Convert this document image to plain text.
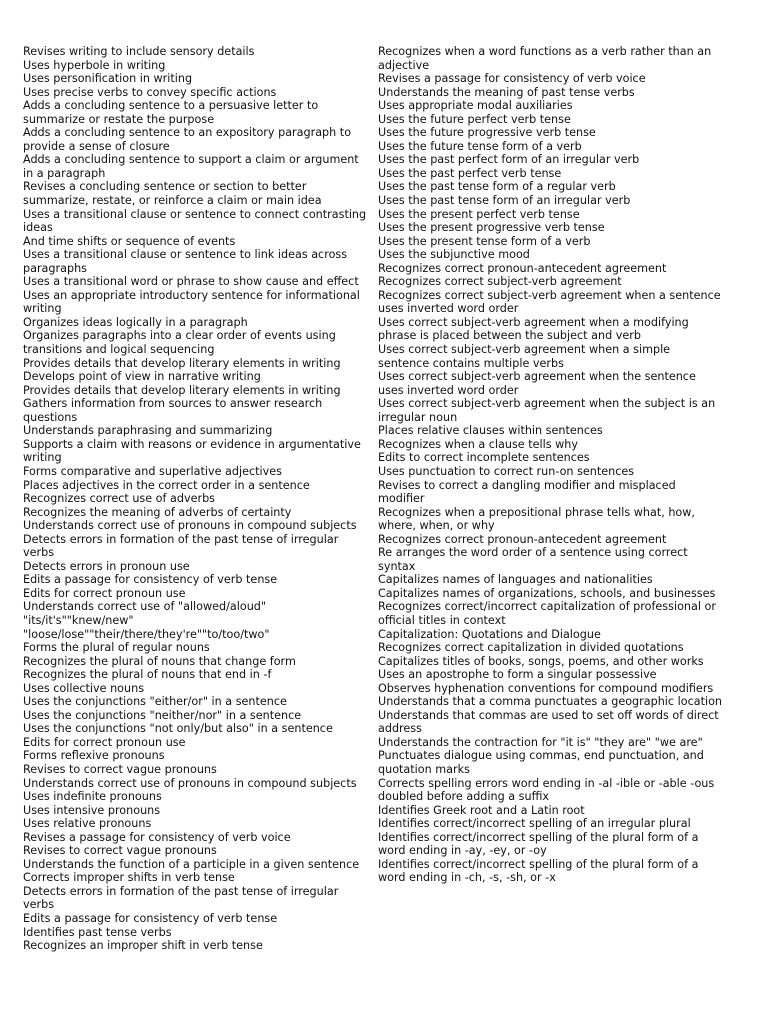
Revises writing to include sensory details
Uses hyperbole in writing
Uses personification in writing
Uses precise verbs to convey specific actions
Adds a concluding sentence to a persuasive letter to summarize or restate the purpose
Adds a concluding sentence to an expository paragraph to provide a sense of closure
Adds a concluding sentence to support a claim or argument in a paragraph
Revises a concluding sentence or section to better summarize, restate, or reinforce a claim or main idea
Uses a transitional clause or sentence to connect contrasting ideas
And time shifts or sequence of events
Uses a transitional clause or sentence to link ideas across paragraphs
Uses a transitional word or phrase to show cause and effect
Uses an appropriate introductory sentence for informational writing
Organizes ideas logically in a paragraph
Organizes paragraphs into a clear order of events using transitions and logical sequencing
Provides details that develop literary elements in writing
Develops point of view in narrative writing
Provides details that develop literary elements in writing
Gathers information from sources to answer research questions
Understands paraphrasing and summarizing
Supports a claim with reasons or evidence in argumentative writing
Forms comparative and superlative adjectives
Places adjectives in the correct order in a sentence
Recognizes correct use of adverbs
Recognizes the meaning of adverbs of certainty
Understands correct use of pronouns in compound subjects
Detects errors in formation of the past tense of irregular verbs
Detects errors in pronoun use
Edits a passage for consistency of verb tense
Edits for correct pronoun use
Understands correct use of "allowed/aloud" "its/it's""knew/new" "loose/lose""their/there/they're""to/too/two"
Forms the plural of regular nouns
Recognizes the plural of nouns that change form
Recognizes the plural of nouns that end in -f
Uses collective nouns
Uses the conjunctions "either/or" in a sentence
Uses the conjunctions "neither/nor" in a sentence
Uses the conjunctions "not only/but also" in a sentence
Edits for correct pronoun use
Forms reflexive pronouns
Revises to correct vague pronouns
Understands correct use of pronouns in compound subjects
Uses indefinite pronouns
Uses intensive pronouns
Uses relative pronouns
Revises a passage for consistency of verb voice
Revises to correct vague pronouns
Understands the function of a participle in a given sentence
Corrects improper shifts in verb tense
Detects errors in formation of the past tense of irregular verbs
Edits a passage for consistency of verb tense
Identifies past tense verbs
Recognizes an improper shift in verb tense
Recognizes when a word functions as a verb rather than an adjective
Revises a passage for consistency of verb voice
Understands the meaning of past tense verbs
Uses appropriate modal auxiliaries
Uses the future perfect verb tense
Uses the future progressive verb tense
Uses the future tense form of a verb
Uses the past perfect form of an irregular verb
Uses the past perfect verb tense
Uses the past tense form of a regular verb
Uses the past tense form of an irregular verb
Uses the present perfect verb tense
Uses the present progressive verb tense
Uses the present tense form of a verb
Uses the subjunctive mood
Recognizes correct pronoun-antecedent agreement
Recognizes correct subject-verb agreement
Recognizes correct subject-verb agreement when a sentence uses inverted word order
Uses correct subject-verb agreement when a modifying phrase is placed between the subject and verb
Uses correct subject-verb agreement when a simple sentence contains multiple verbs
Uses correct subject-verb agreement when the sentence uses inverted word order
Uses correct subject-verb agreement when the subject is an irregular noun
Places relative clauses within sentences
Recognizes when a clause tells why
Edits to correct incomplete sentences
Uses punctuation to correct run-on sentences
Revises to correct a dangling modifier and misplaced modifier
Recognizes when a prepositional phrase tells what, how, where, when, or why
Recognizes correct pronoun-antecedent agreement
Re arranges the word order of a sentence using correct syntax
Capitalizes names of languages and nationalities
Capitalizes names of organizations, schools, and businesses
Recognizes correct/incorrect capitalization of professional or official titles in context
Capitalization: Quotations and Dialogue
Recognizes correct capitalization in divided quotations
Capitalizes titles of books, songs, poems, and other works
Uses an apostrophe to form a singular possessive
Observes hyphenation conventions for compound modifiers
Understands that a comma punctuates a geographic location
Understands that commas are used to set off words of direct address
Understands the contraction for "it is" "they are" "we are"
Punctuates dialogue using commas, end punctuation, and quotation marks
Corrects spelling errors word ending in -al -ible or -able -ous doubled before adding a suffix
Identifies Greek root and a Latin root
Identifies correct/incorrect spelling of an irregular plural
Identifies correct/incorrect spelling of the plural form of a word ending in -ay, -ey, or -oy
Identifies correct/incorrect spelling of the plural form of a word ending in -ch, -s, -sh, or -x
